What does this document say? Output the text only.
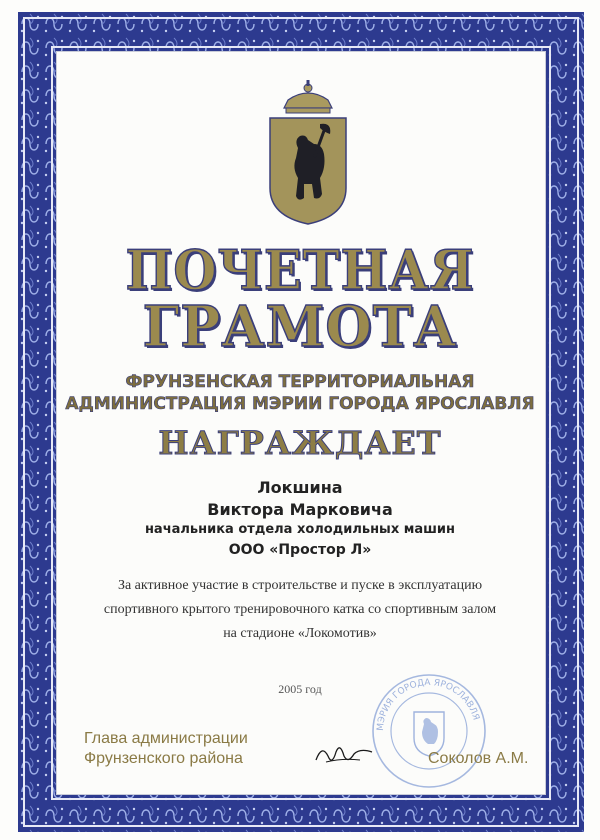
ПОЧЕТНАЯ
ГРАМОТА
ФРУНЗЕНСКАЯ ТЕРРИТОРИАЛЬНАЯ
АДМИНИСТРАЦИЯ МЭРИИ ГОРОДА ЯРОСЛАВЛЯ
НАГРАЖДАЕТ
Локшина
Виктора Марковича
начальника отдела холодильных машин
ООО «Простор Л»
За активное участие в строительстве и пуске в эксплуатацию
спортивного крытого тренировочного катка со спортивным залом
на стадионе «Локомотив»
2005 год
МЭРИЯ ГОРОДА ЯРОСЛАВЛЯ
Глава администрации
Фрунзенского района	Соколов А.М.
